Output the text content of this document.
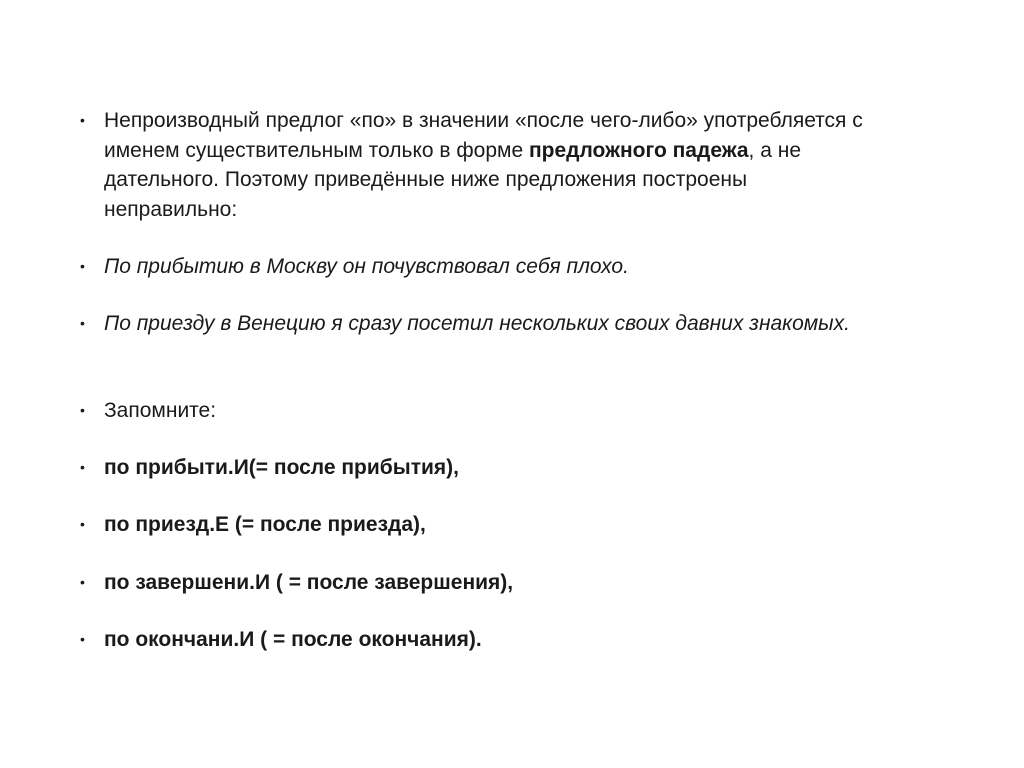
• Непроизводный предлог «по» в значении «после чего-либо» употребляется с именем существительным только в форме предложного падежа, а не дательного. Поэтому приведённые ниже предложения построены неправильно:
• По прибытию в Москву он почувствовал себя плохо.
• По приезду в Венецию я сразу посетил нескольких своих давних знакомых.
• Запомните:
• по прибыти.И(= после прибытия),
• по приезд.Е (= после приезда),
• по завершени.И ( = после завершения),
• по окончани.И ( = после окончания).
